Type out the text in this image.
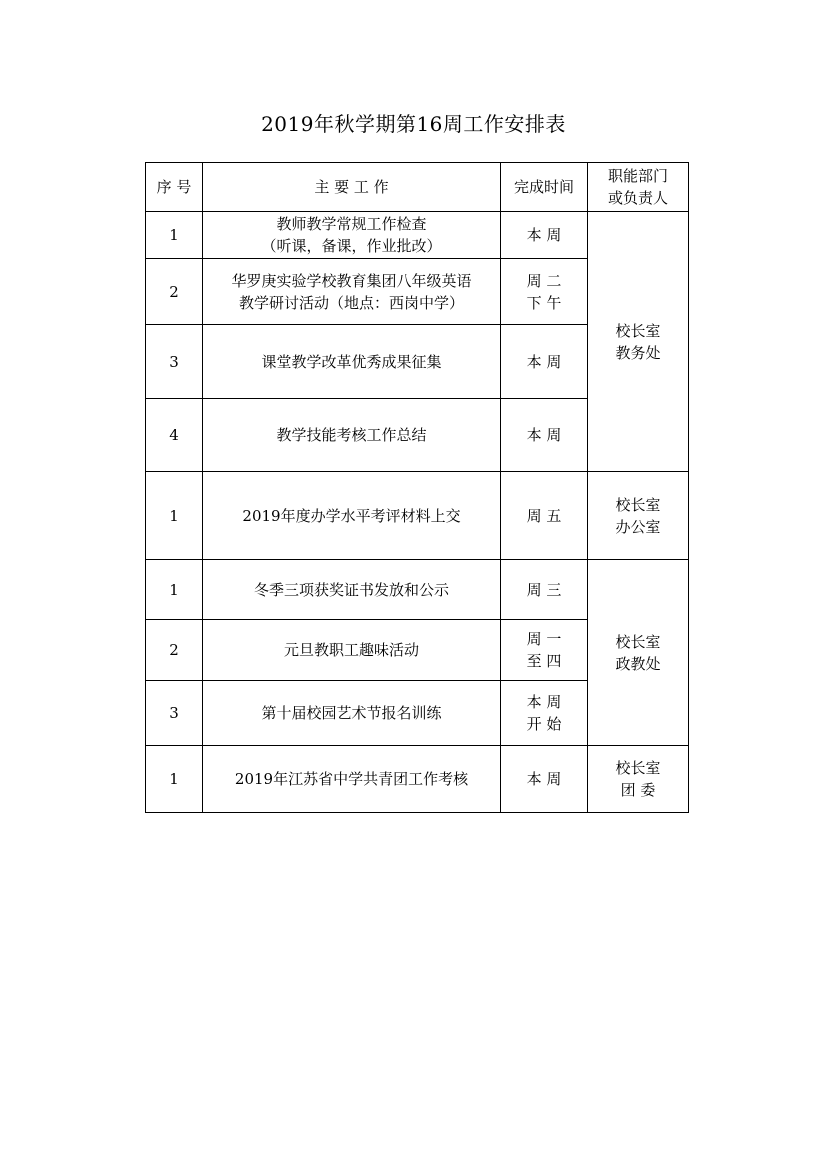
2019年秋学期第16周工作安排表
序 号	主 要 工 作	完成时间	职能部门
或负责人

1	教师教学常规工作检查
（听课，备课，作业批改）	本 周	校长室
教务处

2	华罗庚实验学校教育集团八年级英语
教学研讨活动（地点：西岗中学）	周 二
下 午	

3	课堂教学改革优秀成果征集	本 周	

4	教学技能考核工作总结	本 周	

1	2019年度办学水平考评材料上交	周 五	校长室
办公室

1	冬季三项获奖证书发放和公示	周 三	校长室
政教处

2	元旦教职工趣味活动	周 一
至 四	

3	第十届校园艺术节报名训练	本 周
开 始	

1	2019年江苏省中学共青团工作考核	本 周	校长室
团 委
